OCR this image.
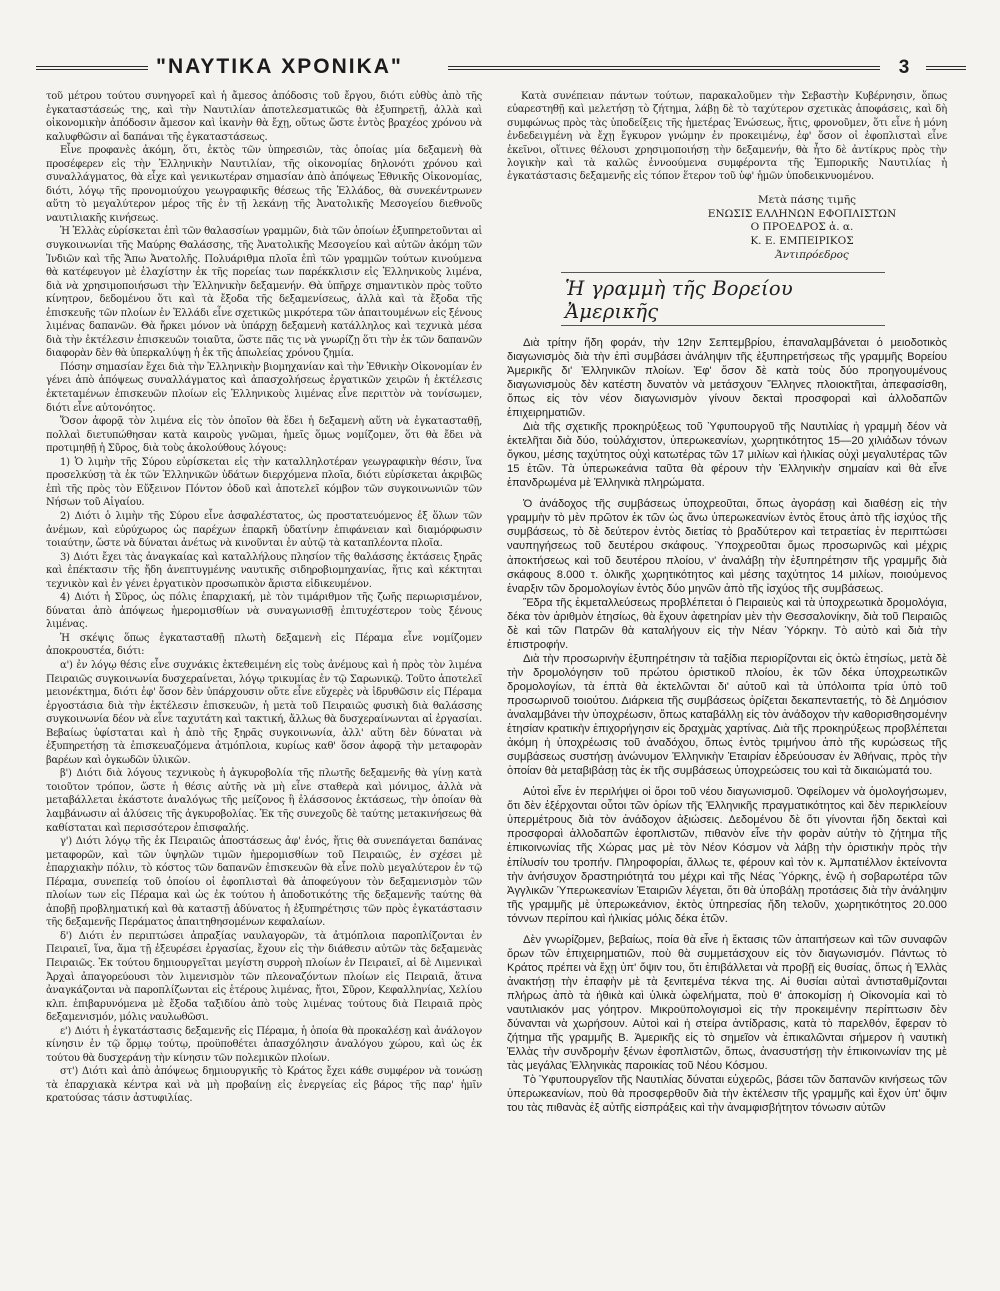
"ΝΑΥΤΙΚΑ ΧΡΟΝΙΚΑ"	3

τοῦ μέτρου τούτου συνηγορεῖ καὶ ἡ ἄμεσος ἀπόδοσις τοῦ ἔργου, διότι εὐθὺς ἀπὸ τῆς ἐγκαταστάσεώς της, καὶ τὴν Ναυτιλίαν ἀποτελεσματικῶς θὰ ἐξυπηρετῇ, ἀλλὰ καὶ οἰκονομικὴν ἀπόδοσιν ἄμεσον καὶ ἱκανὴν θὰ ἔχῃ, οὕτως ὥστε ἐντὸς βραχέος χρόνου νὰ καλυφθῶσιν αἱ δαπάναι τῆς ἐγκαταστάσεως.

Εἶνε προφανὲς ἀκόμη, ὅτι, ἐκτὸς τῶν ὑπηρεσιῶν, τὰς ὁποίας μία δεξαμενὴ θὰ προσέφερεν εἰς τὴν Ἑλληνικὴν Ναυτιλίαν, τῆς οἰκονομίας δηλονότι χρόνου καὶ συναλλάγματος, θὰ εἶχε καὶ γενικωτέραν σημασίαν ἀπὸ ἀπόψεως Ἐθνικῆς Οἰκονομίας, διότι, λόγῳ τῆς προνομιούχου γεωγραφικῆς θέσεως τῆς Ἑλλάδος, θὰ συνεκέντρωνεν αὕτη τὸ μεγαλύτερον μέρος τῆς ἐν τῇ λεκάνῃ τῆς Ἀνατολικῆς Μεσογείου διεθνοῦς ναυτιλιακῆς κινήσεως.

Ἡ Ἑλλὰς εὑρίσκεται ἐπὶ τῶν θαλασσίων γραμμῶν, διὰ τῶν ὁποίων ἐξυπηρετοῦνται αἱ συγκοινωνίαι τῆς Μαύρης Θαλάσσης, τῆς Ἀνατολικῆς Μεσογείου καὶ αὐτῶν ἀκόμη τῶν Ἰνδιῶν καὶ τῆς Ἄπω Ἀνατολῆς. Πολυάριθμα πλοῖα ἐπὶ τῶν γραμμῶν τούτων κινούμενα θὰ κατέφευγον μὲ ἐλαχίστην ἐκ τῆς πορείας των παρέκκλισιν εἰς Ἑλληνικοὺς λιμένα, διὰ νὰ χρησιμοποιήσωσι τὴν Ἑλληνικὴν δεξαμενήν. Θὰ ὑπῆρχε σημαντικὸν πρὸς τοῦτο κίνητρον, δεδομένου ὅτι καὶ τὰ ἔξοδα τῆς δεξαμενίσεως, ἀλλὰ καὶ τὰ ἔξοδα τῆς ἐπισκευῆς τῶν πλοίων ἐν Ἑλλάδι εἶνε σχετικῶς μικρότερα τῶν ἀπαιτουμένων εἰς ξένους λιμένας δαπανῶν. Θὰ ἤρκει μόνον νὰ ὑπάρχῃ δεξαμενὴ κατάλληλος καὶ τεχνικὰ μέσα διὰ τὴν ἐκτέλεσιν ἐπισκευῶν τοιαῦτα, ὥστε πᾶς τις νὰ γνωρίζῃ ὅτι τὴν ἐκ τῶν δαπανῶν διαφορὰν δὲν θὰ ὑπερκαλύψῃ ἡ ἐκ τῆς ἀπωλείας χρόνου ζημία.

Πόσην σημασίαν ἔχει διὰ τὴν Ἑλληνικὴν βιομηχανίαν καὶ τὴν Ἐθνικὴν Οἰκονομίαν ἐν γένει ἀπὸ ἀπόψεως συναλλάγματος καὶ ἀπασχολήσεως ἐργατικῶν χειρῶν ἡ ἐκτέλεσις ἐκτεταμένων ἐπισκευῶν πλοίων εἰς Ἑλληνικοὺς λιμένας εἶνε περιττὸν νὰ τονίσωμεν, διότι εἶνε αὐτονόητος.

Ὅσον ἀφορᾷ τὸν λιμένα εἰς τὸν ὁποῖον θὰ ἔδει ἡ δεξαμενὴ αὕτη νὰ ἐγκατασταθῇ, πολλαὶ διετυπώθησαν κατὰ καιροὺς γνῶμαι, ἡμεῖς ὅμως νομίζομεν, ὅτι θὰ ἔδει νὰ προτιμηθῇ ἡ Σῦρος, διὰ τοὺς ἀκολούθους λόγους:

1) Ὁ λιμὴν τῆς Σύρου εὑρίσκεται εἰς τὴν καταλληλοτέραν γεωγραφικὴν θέσιν, ἵνα προσελκύσῃ τὰ ἐκ τῶν Ἑλληνικῶν ὑδάτων διερχόμενα πλοῖα, διότι εὑρίσκεται ἀκριβῶς ἐπὶ τῆς πρὸς τὸν Εὔξεινον Πόντον ὁδοῦ καὶ ἀποτελεῖ κόμβον τῶν συγκοινωνιῶν τῶν Νήσων τοῦ Αἰγαίου.

2) Διότι ὁ λιμὴν τῆς Σύρου εἶνε ἀσφαλέστατος, ὡς προστατευόμενος ἐξ ὅλων τῶν ἀνέμων, καὶ εὐρύχωρος ὡς παρέχων ἐπαρκῆ ὑδατίνην ἐπιφάνειαν καὶ διαμόρφωσιν τοιαύτην, ὥστε νὰ δύναται ἀνέτως νὰ κινοῦνται ἐν αὐτῷ τὰ καταπλέοντα πλοῖα.

3) Διότι ἔχει τὰς ἀναγκαίας καὶ καταλλήλους πλησίον τῆς θαλάσσης ἐκτάσεις ξηρᾶς καὶ ἐπέκτασιν τῆς ἤδη ἀνεπτυγμένης ναυτικῆς σιδηροβιομηχανίας, ἥτις καὶ κέκτηται τεχνικὸν καὶ ἐν γένει ἐργατικὸν προσωπικὸν ἄριστα εἰδικευμένον.

4) Διότι ἡ Σῦρος, ὡς πόλις ἐπαρχιακή, μὲ τὸν τιμάριθμον τῆς ζωῆς περιωρισμένον, δύναται ἀπὸ ἀπόψεως ἡμερομισθίων νὰ συναγωνισθῇ ἐπιτυχέστερον τοὺς ξένους λιμένας.

Ἡ σκέψις ὅπως ἐγκατασταθῇ πλωτὴ δεξαμενὴ εἰς Πέραμα εἶνε νομίζομεν ἀποκρουστέα, διότι:

α') ἐν λόγῳ θέσις εἶνε συχνάκις ἐκτεθειμένη εἰς τοὺς ἀνέμους καὶ ἡ πρὸς τὸν λιμένα Πειραιῶς συγκοινωνία δυσχεραίνεται, λόγῳ τρικυμίας ἐν τῷ Σαρωνικῷ. Τοῦτο ἀποτελεῖ μειονέκτημα, διότι ἐφ' ὅσον δὲν ὑπάρχουσιν οὔτε εἶνε εὔχερὲς νὰ ἱδρυθῶσιν εἰς Πέραμα ἐργοστάσια διὰ τὴν ἐκτέλεσιν ἐπισκευῶν, ἡ μετὰ τοῦ Πειραιῶς φυσικὴ διὰ θαλάσσης συγκοινωνία δέον νὰ εἶνε ταχυτάτη καὶ τακτική, ἄλλως θὰ δυσχεραίνωνται αἱ ἐργασίαι. Βεβαίως ὑφίσταται καὶ ἡ ἀπὸ τῆς ξηρᾶς συγκοινωνία, ἀλλ' αὕτη δὲν δύναται νὰ ἐξυπηρετήσῃ τὰ ἐπισκευαζόμενα ἀτμόπλοια, κυρίως καθ' ὅσον ἀφορᾷ τὴν μεταφορὰν βαρέων καὶ ὀγκωδῶν ὑλικῶν.

β') Διότι διὰ λόγους τεχνικοὺς ἡ ἀγκυροβολία τῆς πλωτῆς δεξαμενῆς θὰ γίνῃ κατὰ τοιοῦτον τρόπον, ὥστε ἡ θέσις αὐτῆς νὰ μὴ εἶνε σταθερὰ καὶ μόνιμος, ἀλλὰ νὰ μεταβάλλεται ἑκάστοτε ἀναλόγως τῆς μείζονος ἢ ἐλάσσονος ἐκτάσεως, τὴν ὁποίαν θὰ λαμβάνωσιν αἱ ἀλύσεις τῆς ἀγκυροβολίας. Ἐκ τῆς συνεχοῦς δὲ ταύτης μετακινήσεως θὰ καθίσταται καὶ περισσότερον ἐπισφαλής.

γ') Διότι λόγῳ τῆς ἐκ Πειραιῶς ἀποστάσεως ἀφ' ἑνός, ἥτις θὰ συνεπάγεται δαπάνας μεταφορῶν, καὶ τῶν ὑψηλῶν τιμῶν ἡμερομισθίων τοῦ Πειραιῶς, ἐν σχέσει μὲ ἐπαρχιακὴν πόλιν, τὸ κόστος τῶν δαπανῶν ἐπισκευῶν θὰ εἶνε πολὺ μεγαλύτερον ἐν τῷ Πέραμα, συνεπείᾳ τοῦ ὁποίου οἱ ἐφοπλισταὶ θὰ ἀποφεύγουν τὸν δεξαμενισμὸν τῶν πλοίων των εἰς Πέραμα καὶ ὡς ἐκ τούτου ἡ ἀποδοτικότης τῆς δεξαμενῆς ταύτης θὰ ἀποβῇ προβληματική καὶ θὰ καταστῇ ἀδύνατος ἡ ἐξυπηρέτησις τῶν πρὸς ἐγκατάστασιν τῆς δεξαμενῆς Περάματος ἀπαιτηθησομένων κεφαλαίων.

δ') Διότι ἐν περιπτώσει ἀπραξίας ναυλαγορῶν, τὰ ἀτμόπλοια παροπλίζονται ἐν Πειραιεῖ, ἵνα, ἅμα τῇ ἐξευρέσει ἐργασίας, ἔχουν εἰς τὴν διάθεσιν αὐτῶν τὰς δεξαμενὰς Πειραιῶς. Ἐκ τούτου δημιουργεῖται μεγίστη συρροὴ πλοίων ἐν Πειραιεῖ, αἱ δὲ Λιμενικαὶ Ἀρχαὶ ἀπαγορεύουσι τὸν λιμενισμὸν τῶν πλεοναζόντων πλοίων εἰς Πειραιᾶ, ἅτινα ἀναγκάζονται νὰ παροπλίζωνται εἰς ἑτέρους λιμένας, ἤτοι, Σῦρον, Κεφαλληνίας, Χελίου κλπ. ἐπιβαρυνόμενα μὲ ἔξοδα ταξιδίου ἀπὸ τοὺς λιμένας τούτους διὰ Πειραιᾶ πρὸς δεξαμενισμόν, μόλις ναυλωθῶσι.

ε') Διότι ἡ ἐγκατάστασις δεξαμενῆς εἰς Πέραμα, ἡ ὁποία θὰ προκαλέσῃ καὶ ἀνάλογον κίνησιν ἐν τῷ ὅρμῳ τούτῳ, προϋποθέτει ἀπασχόλησιν ἀναλόγου χώρου, καὶ ὡς ἐκ τούτου θὰ δυσχεράνῃ τὴν κίνησιν τῶν πολεμικῶν πλοίων.

στ') Διότι καὶ ἀπὸ ἀπόψεως δημιουργικῆς τὸ Κράτος ἔχει κάθε συμφέρον νὰ τονώσῃ τὰ ἐπαρχιακὰ κέντρα καὶ νὰ μὴ προβαίνῃ εἰς ἐνεργείας εἰς βάρος τῆς παρ' ἡμῖν κρατούσας τάσιν ἀστυφιλίας.

Κατὰ συνέπειαν πάντων τούτων, παρακαλοῦμεν τὴν Σεβαστὴν Κυβέρνησιν, ὅπως εὐαρεστηθῇ καὶ μελετήσῃ τὸ ζήτημα, λάβῃ δὲ τὸ ταχύτερον σχετικὰς ἀποφάσεις, καὶ δὴ συμφώνως πρὸς τὰς ὑποδείξεις τῆς ἡμετέρας Ἑνώσεως, ἥτις, φρονοῦμεν, ὅτι εἶνε ἡ μόνη ἐνδεδειγμένη νὰ ἔχῃ ἔγκυρον γνώμην ἐν προκειμένῳ, ἐφ' ὅσον οἱ ἐφοπλισταὶ εἶνε ἐκεῖνοι, οἵτινες θέλουσι χρησιμοποιήσῃ τὴν δεξαμενήν, θὰ ἦτο δὲ ἀντίκρυς πρὸς τὴν λογικὴν καὶ τὰ καλῶς ἐννοούμενα συμφέροντα τῆς Ἐμπορικῆς Ναυτιλίας ἡ ἐγκατάστασις δεξαμενῆς εἰς τόπον ἕτερον τοῦ ὑφ' ἡμῶν ὑποδεικνυομένου.

Μετὰ πάσης τιμῆς
ΕΝΩΣΙΣ ΕΛΛΗΝΩΝ ΕΦΟΠΛΙΣΤΩΝ
Ο ΠΡΟΕΔΡΟΣ ἀ. α.
Κ. Ε. ΕΜΠΕΙΡΙΚΟΣ
Ἀντιπρόεδρος
Ἡ γραμμὴ τῆς Βορείου Ἀμερικῆς

Διὰ τρίτην ἤδη φοράν, τὴν 12ην Σεπτεμβρίου, ἐπαναλαμβάνεται ὁ μειοδοτικὸς διαγωνισμὸς διὰ τὴν ἐπὶ συμβάσει ἀνάληψιν τῆς ἐξυπηρετήσεως τῆς γραμμῆς Βορείου Ἀμερικῆς δι' Ἑλληνικῶν πλοίων. Ἐφ' ὅσον δὲ κατὰ τοὺς δύο προηγουμένους διαγωνισμοὺς δὲν κατέστη δυνατὸν νὰ μετάσχουν Ἕλληνες πλοιοκτῆται, ἀπεφασίσθη, ὅπως εἰς τὸν νέον διαγωνισμὸν γίνουν δεκταὶ προσφοραὶ καὶ ἀλλοδαπῶν ἐπιχειρηματιῶν.

Διὰ τῆς σχετικῆς προκηρύξεως τοῦ Ὑφυπουργοῦ τῆς Ναυτιλίας ἡ γραμμὴ δέον νὰ ἐκτελῆται διὰ δύο, τοὐλάχιστον, ὑπερωκεανίων, χωρητικότητος 15—20 χιλιάδων τόνων ὄγκου, μέσης ταχύτητος οὐχὶ κατωτέρας τῶν 17 μιλίων καὶ ἡλικίας οὐχὶ μεγαλυτέρας τῶν 15 ἐτῶν. Τὰ ὑπερωκεάνια ταῦτα θὰ φέρουν τὴν Ἑλληνικὴν σημαίαν καὶ θὰ εἶνε ἐπανδρωμένα μὲ Ἑλληνικὰ πληρώματα.

Ὁ ἀνάδοχος τῆς συμβάσεως ὑποχρεοῦται, ὅπως ἀγοράσῃ καὶ διαθέσῃ εἰς τὴν γραμμὴν τὸ μὲν πρῶτον ἐκ τῶν ὡς ἄνω ὑπερωκεανίων ἐντὸς ἔτους ἀπὸ τῆς ἰσχύος τῆς συμβάσεως, τὸ δὲ δεύτερον ἐντὸς διετίας τὸ βραδύτερον καὶ τετραετίας ἐν περιπτώσει ναυπηγήσεως τοῦ δευτέρου σκάφους. Ὑποχρεοῦται ὅμως προσωρινῶς καὶ μέχρις ἀποκτήσεως καὶ τοῦ δευτέρου πλοίου, ν' ἀναλάβῃ τὴν ἐξυπηρέτησιν τῆς γραμμῆς διὰ σκάφους 8.000 τ. ὁλικῆς χωρητικότητος καὶ μέσης ταχύτητος 14 μιλίων, ποιούμενος ἐναρξιν τῶν δρομολογίων ἐντὸς δύο μηνῶν ἀπὸ τῆς ἰσχύος τῆς συμβάσεως.

Ἕδρα τῆς ἐκμεταλλεύσεως προβλέπεται ὁ Πειραιεὺς καὶ τὰ ὑποχρεωτικὰ δρομολόγια, δέκα τὸν ἀριθμὸν ἐτησίως, θὰ ἔχουν ἀφετηρίαν μὲν τὴν Θεσσαλονίκην, διὰ τοῦ Πειραιῶς δὲ καὶ τῶν Πατρῶν θὰ καταλήγουν εἰς τὴν Νέαν Ὑόρκην. Τὸ αὐτὸ καὶ διὰ τὴν ἐπιστροφήν.

Διὰ τὴν προσωρινὴν ἐξυπηρέτησιν τὰ ταξίδια περιορίζονται εἰς ὀκτὼ ἐτησίως, μετὰ δὲ τὴν δρομολόγησιν τοῦ πρώτου ὁριστικοῦ πλοίου, ἐκ τῶν δέκα ὑποχρεωτικῶν δρομολογίων, τὰ ἑπτὰ θὰ ἐκτελῶνται δι' αὐτοῦ καὶ τὰ ὑπόλοιπα τρία ὑπὸ τοῦ προσωρινοῦ τοιούτου. Διάρκεια τῆς συμβάσεως ὁρίζεται δεκαπενταετής, τὸ δὲ Δημόσιον ἀναλαμβάνει τὴν ὑποχρέωσιν, ὅπως καταβάλλῃ εἰς τὸν ἀνάδοχον τὴν καθορισθησομένην ἐτησίαν κρατικὴν ἐπιχορήγησιν εἰς δραχμὰς χαρτίνας. Διὰ τῆς προκηρύξεως προβλέπεται ἀκόμη ἡ ὑποχρέωσις τοῦ ἀναδόχου, ὅπως ἐντὸς τριμήνου ἀπὸ τῆς κυρώσεως τῆς συμβάσεως συστήσῃ ἀνώνυμον Ἑλληνικὴν Ἑταιρίαν ἑδρεύουσαν ἐν Ἀθήναις, πρὸς τὴν ὁποίαν θὰ μεταβιβάσῃ τὰς ἐκ τῆς συμβάσεως ὑποχρεώσεις του καὶ τὰ δικαιώματά του.

Αὐτοὶ εἶνε ἐν περιλήψει οἱ ὅροι τοῦ νέου διαγωνισμοῦ. Ὀφείλομεν νὰ ὁμολογήσωμεν, ὅτι δὲν ἐξέρχονται οὗτοι τῶν ὁρίων τῆς Ἑλληνικῆς πραγματικότητος καὶ δὲν περικλείουν ὑπερμέτρους διὰ τὸν ἀνάδοχον ἀξιώσεις. Δεδομένου δὲ ὅτι γίνονται ἤδη δεκταὶ καὶ προσφοραὶ ἀλλοδαπῶν ἐφοπλιστῶν, πιθανὸν εἶνε τὴν φορὰν αὐτὴν τὸ ζήτημα τῆς ἐπικοινωνίας τῆς Χώρας μας μὲ τὸν Νέον Κόσμον νὰ λάβῃ τὴν ὁριστικὴν πρὸς τὴν ἐπίλυσίν του τροπήν. Πληροφορίαι, ἄλλως τε, φέρουν καὶ τὸν κ. Ἀμπατιέλλον ἐκτείνοντα τὴν ἀνήσυχον δραστηριότητά του μέχρι καὶ τῆς Νέας Ὑόρκης, ἐνῷ ἡ σοβαρωτέρα τῶν Ἀγγλικῶν Ὑπερωκεανίων Ἑταιριῶν λέγεται, ὅτι θὰ ὑποβάλῃ προτάσεις διὰ τὴν ἀνάληψιν τῆς γραμμῆς μὲ ὑπερωκεάνιον, ἐκτὸς ὑπηρεσίας ἤδη τελοῦν, χωρητικότητος 20.000 τόννων περίπου καὶ ἡλικίας μόλις δέκα ἐτῶν.

Δὲν γνωρίζομεν, βεβαίως, ποία θὰ εἶνε ἡ ἔκτασις τῶν ἀπαιτήσεων καὶ τῶν συναφῶν ὅρων τῶν ἐπιχειρηματιῶν, ποὺ θὰ συμμετάσχουν εἰς τὸν διαγωνισμόν. Πάντως τὸ Κράτος πρέπει νὰ ἔχῃ ὑπ' ὄψιν του, ὅτι ἐπιβάλλεται νὰ προβῇ εἰς θυσίας, ὅπως ἡ Ἑλλὰς ἀνακτήσῃ τὴν ἐπαφὴν μὲ τὰ ξενιτεμένα τέκνα της. Αἱ θυσίαι αὐταὶ ἀντισταθμίζονται πλήρως ἀπὸ τὰ ἠθικὰ καὶ ὑλικὰ ὠφελήματα, ποὺ θ' ἀποκομίσῃ ἡ Οἰκονομία καὶ τὸ ναυτιλιακόν μας γόητρον. Μικροϋπολογισμοὶ εἰς τὴν προκειμένην περίπτωσιν δὲν δύνανται νὰ χωρήσουν. Αὐτοὶ καὶ ἡ στείρα ἀντίδρασις, κατὰ τὸ παρελθόν, ἔφεραν τὸ ζήτημα τῆς γραμμῆς Β. Ἀμερικῆς εἰς τὸ σημεῖον νὰ ἐπικαλῶνται σήμερον ἡ ναυτικὴ Ἑλλὰς τὴν συνδρομὴν ξένων ἐφοπλιστῶν, ὅπως, ἀνασυστήσῃ τὴν ἐπικοινωνίαν της μὲ τὰς μεγάλας Ἑλληνικὰς παροικίας τοῦ Νέου Κόσμου.

Τὸ Ὑφυπουργεῖον τῆς Ναυτιλίας δύναται εὐχερῶς, βάσει τῶν δαπανῶν κινήσεως τῶν ὑπερωκεανίων, ποὺ θὰ προσφερθοῦν διὰ τὴν ἐκτέλεσιν τῆς γραμμῆς καὶ ἔχον ὑπ' ὄψιν του τὰς πιθανὰς ἐξ αὐτῆς εἰσπράξεις καὶ τὴν ἀναμφισβήτητον τόνωσιν αὐτῶν
